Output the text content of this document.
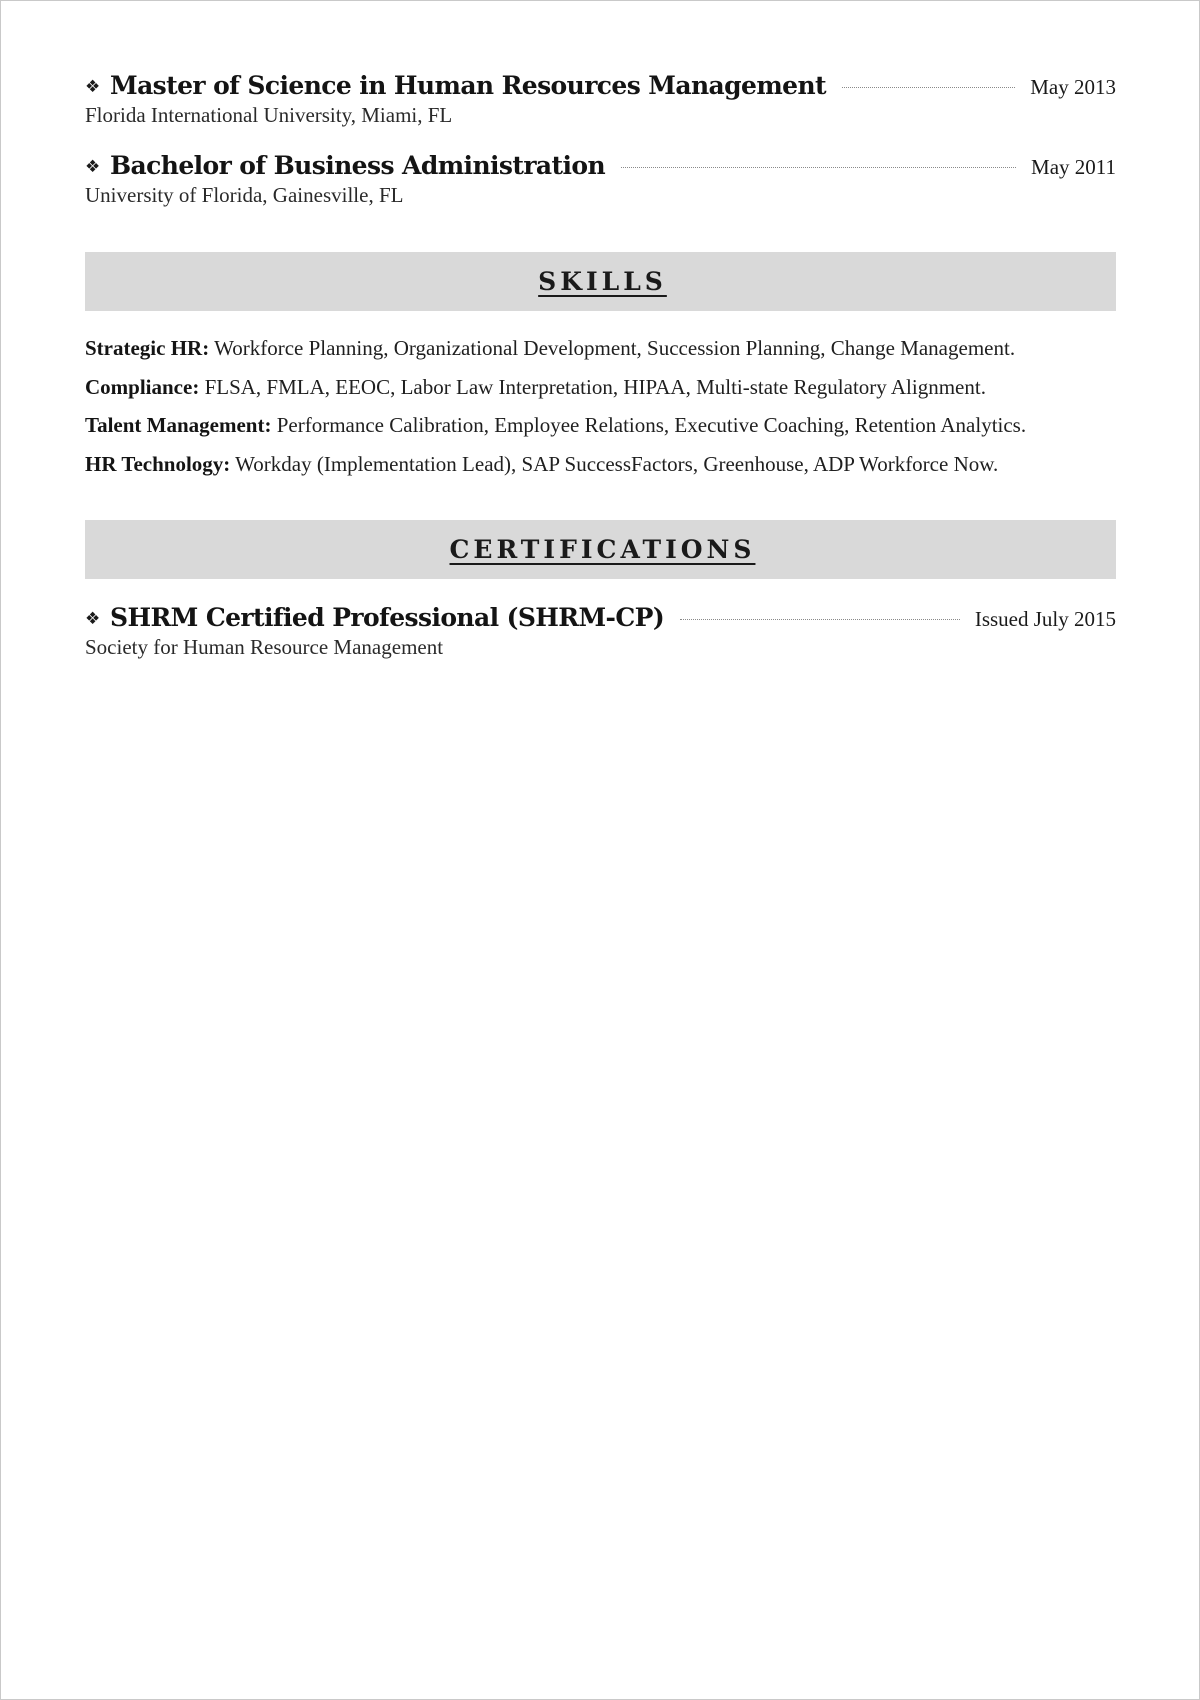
❖ Master of Science in Human Resources Management	May 2013
Florida International University, Miami, FL
❖ Bachelor of Business Administration	May 2011
University of Florida, Gainesville, FL
SKILLS
Strategic HR: Workforce Planning, Organizational Development, Succession Planning, Change Management.
Compliance: FLSA, FMLA, EEOC, Labor Law Interpretation, HIPAA, Multi-state Regulatory Alignment.
Talent Management: Performance Calibration, Employee Relations, Executive Coaching, Retention Analytics.
HR Technology: Workday (Implementation Lead), SAP SuccessFactors, Greenhouse, ADP Workforce Now.
CERTIFICATIONS
❖ SHRM Certified Professional (SHRM-CP)	Issued July 2015
Society for Human Resource Management
